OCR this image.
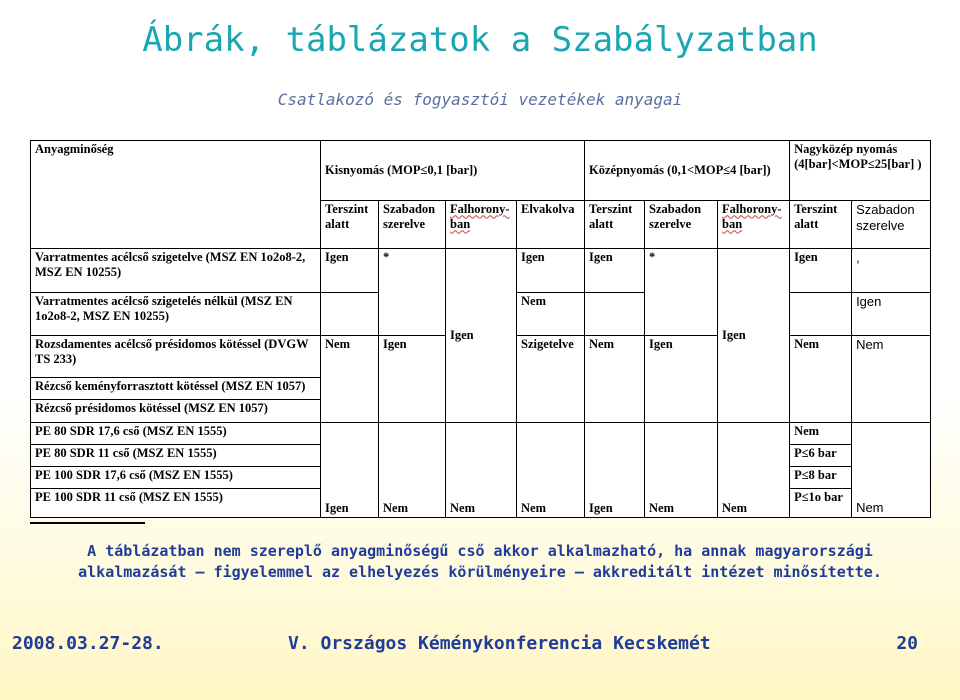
Ábrák, táblázatok a Szabályzatban
Csatlakozó és fogyasztói vezetékek anyagai
Anyagminőség	Kisnyomás (MOP≤0,1 [bar])				Középnyomás (0,1<MOP≤4 [bar])			Nagyközép nyomás (4[bar]<MOP≤25[bar] )	
	Terszint alatt	Szabadon szerelve	Falhorony-ban	Elvakolva	Terszint alatt	Szabadon szerelve	Falhorony-ban	Terszint alatt	Szabadon szerelve
Varratmentes acélcső szigetelve (MSZ EN 1o2o8-2, MSZ EN 10255)	Igen	*	Igen	Igen	Igen	*	Igen	Igen	,
Varratmentes acélcső szigetelés nélkül (MSZ EN 1o2o8-2, MSZ EN 10255)				Nem					Igen
Rozsdamentes acélcső présidomos kötéssel (DVGW TS 233)	Nem	Igen		Szigetelve	Nem	Igen		Nem	Nem
Rézcső keményforrasztott kötéssel (MSZ EN 1057)									
Rézcső présidomos kötéssel (MSZ EN 1057)									
PE 80 SDR 17,6 cső (MSZ EN 1555)	Igen	Nem	Nem	Nem	Igen	Nem	Nem	Nem	Nem
PE 80 SDR 11 cső (MSZ EN 1555)								P≤6 bar	
PE 100 SDR 17,6 cső (MSZ EN 1555)								P≤8 bar	
PE 100 SDR 11 cső (MSZ EN 1555)								P≤1o bar	
A táblázatban nem szereplő anyagminőségű cső akkor alkalmazható, ha annak magyarországi alkalmazását – figyelemmel az elhelyezés körülményeire – akkreditált intézet minősítette.
2008.03.27-28.	V. Országos Kéménykonferencia Kecskemét	20
